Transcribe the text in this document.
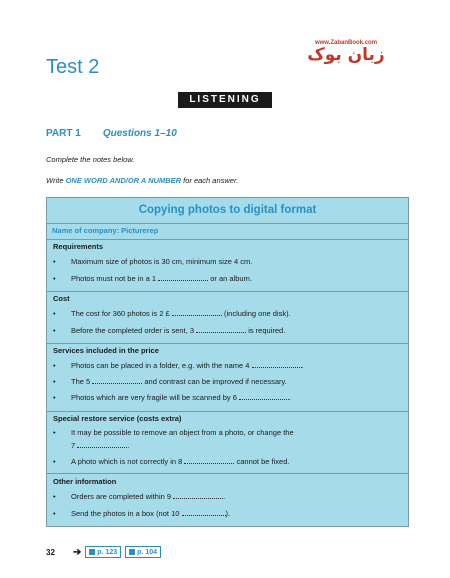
Test 2
www.ZabanBook.com
زبان بوک
LISTENING
PART 1 Questions 1–10
Complete the notes below.
Write ONE WORD AND/OR A NUMBER for each answer.
Copying photos to digital format
Name of company: Picturerep
Requirements
• Maximum size of photos is 30 cm, minimum size 4 cm.
• Photos must not be in a 1	or an album.
Cost
• The cost for 360 photos is 2 £	(including one disk).
• Before the completed order is sent, 3	is required.
Services included in the price
• Photos can be placed in a folder, e.g. with the name 4	.
• The 5	and contrast can be improved if necessary.
• Photos which are very fragile will be scanned by 6	.
Special restore service (costs extra)
• It may be possible to remove an object from a photo, or change the
7	.
• A photo which is not correctly in 8	cannot be fixed.
Other information
• Orders are completed within 9	.
• Send the photos in a box (not 10	).
32 ➔ p. 123	p. 104
